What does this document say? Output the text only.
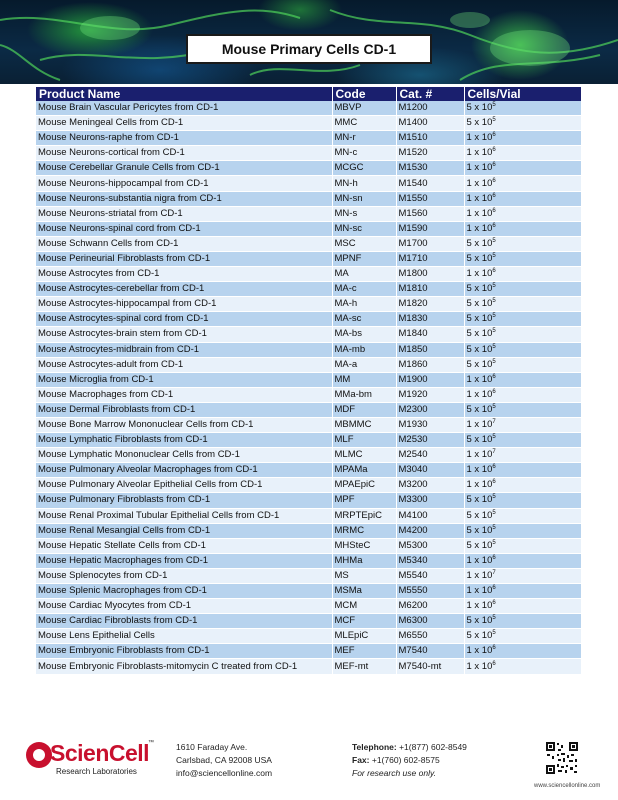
Mouse Primary Cells CD-1
Product Name	Code	Cat. #	Cells/Vial
Mouse Brain Vascular Pericytes from CD-1	MBVP	M1200	5 x $10^5$
Mouse Meningeal Cells from CD-1	MMC	M1400	5 x $10^5$
Mouse Neurons-raphe from CD-1	MN-r	M1510	1 x $10^6$
Mouse Neurons-cortical from CD-1	MN-c	M1520	1 x $10^6$
Mouse Cerebellar Granule Cells from CD-1	MCGC	M1530	1 x $10^6$
Mouse Neurons-hippocampal from CD-1	MN-h	M1540	1 x $10^6$
Mouse Neurons-substantia nigra from CD-1	MN-sn	M1550	1 x $10^6$
Mouse Neurons-striatal from CD-1	MN-s	M1560	1 x $10^6$
Mouse Neurons-spinal cord from CD-1	MN-sc	M1590	1 x $10^6$
Mouse Schwann Cells from CD-1	MSC	M1700	5 x $10^5$
Mouse Perineurial Fibroblasts from CD-1	MPNF	M1710	5 x $10^5$
Mouse Astrocytes from CD-1	MA	M1800	1 x $10^6$
Mouse Astrocytes-cerebellar from CD-1	MA-c	M1810	5 x $10^5$
Mouse Astrocytes-hippocampal from CD-1	MA-h	M1820	5 x $10^5$
Mouse Astrocytes-spinal cord from CD-1	MA-sc	M1830	5 x $10^5$
Mouse Astrocytes-brain stem from CD-1	MA-bs	M1840	5 x $10^5$
Mouse Astrocytes-midbrain from CD-1	MA-mb	M1850	5 x $10^5$
Mouse Astrocytes-adult from CD-1	MA-a	M1860	5 x $10^5$
Mouse Microglia from CD-1	MM	M1900	1 x $10^6$
Mouse Macrophages from CD-1	MMa-bm	M1920	1 x $10^6$
Mouse Dermal Fibroblasts from CD-1	MDF	M2300	5 x $10^5$
Mouse Bone Marrow Mononuclear Cells from CD-1	MBMMC	M1930	1 x $10^7$
Mouse Lymphatic Fibroblasts from CD-1	MLF	M2530	5 x $10^5$
Mouse Lymphatic Mononuclear Cells from CD-1	MLMC	M2540	1 x $10^7$
Mouse Pulmonary Alveolar Macrophages from CD-1	MPAMa	M3040	1 x $10^6$
Mouse Pulmonary Alveolar Epithelial Cells from CD-1	MPAEpiC	M3200	1 x $10^6$
Mouse Pulmonary Fibroblasts from CD-1	MPF	M3300	5 x $10^5$
Mouse Renal Proximal Tubular Epithelial Cells from CD-1	MRPTEpiC	M4100	5 x $10^5$
Mouse Renal Mesangial Cells from CD-1	MRMC	M4200	5 x $10^5$
Mouse Hepatic Stellate Cells from CD-1	MHSteC	M5300	5 x $10^5$
Mouse Hepatic Macrophages from CD-1	MHMa	M5340	1 x $10^6$
Mouse Splenocytes from CD-1	MS	M5540	1 x $10^7$
Mouse Splenic Macrophages from CD-1	MSMa	M5550	1 x $10^6$
Mouse Cardiac Myocytes from CD-1	MCM	M6200	1 x $10^6$
Mouse Cardiac Fibroblasts from CD-1	MCF	M6300	5 x $10^5$
Mouse Lens Epithelial Cells	MLEpiC	M6550	5 x $10^5$
Mouse Embryonic Fibroblasts from CD-1	MEF	M7540	1 x $10^6$
Mouse Embryonic Fibroblasts-mitomycin C treated from CD-1	MEF-mt	M7540-mt	1 x $10^6$
ScienCell
™
Research Laboratories
1610 Faraday Ave.
Carlsbad, CA 92008 USA
info@sciencellonline.com
Telephone: +1(877) 602-8549
Fax: +1(760) 602-8575
For research use only.
www.sciencellonline.com
